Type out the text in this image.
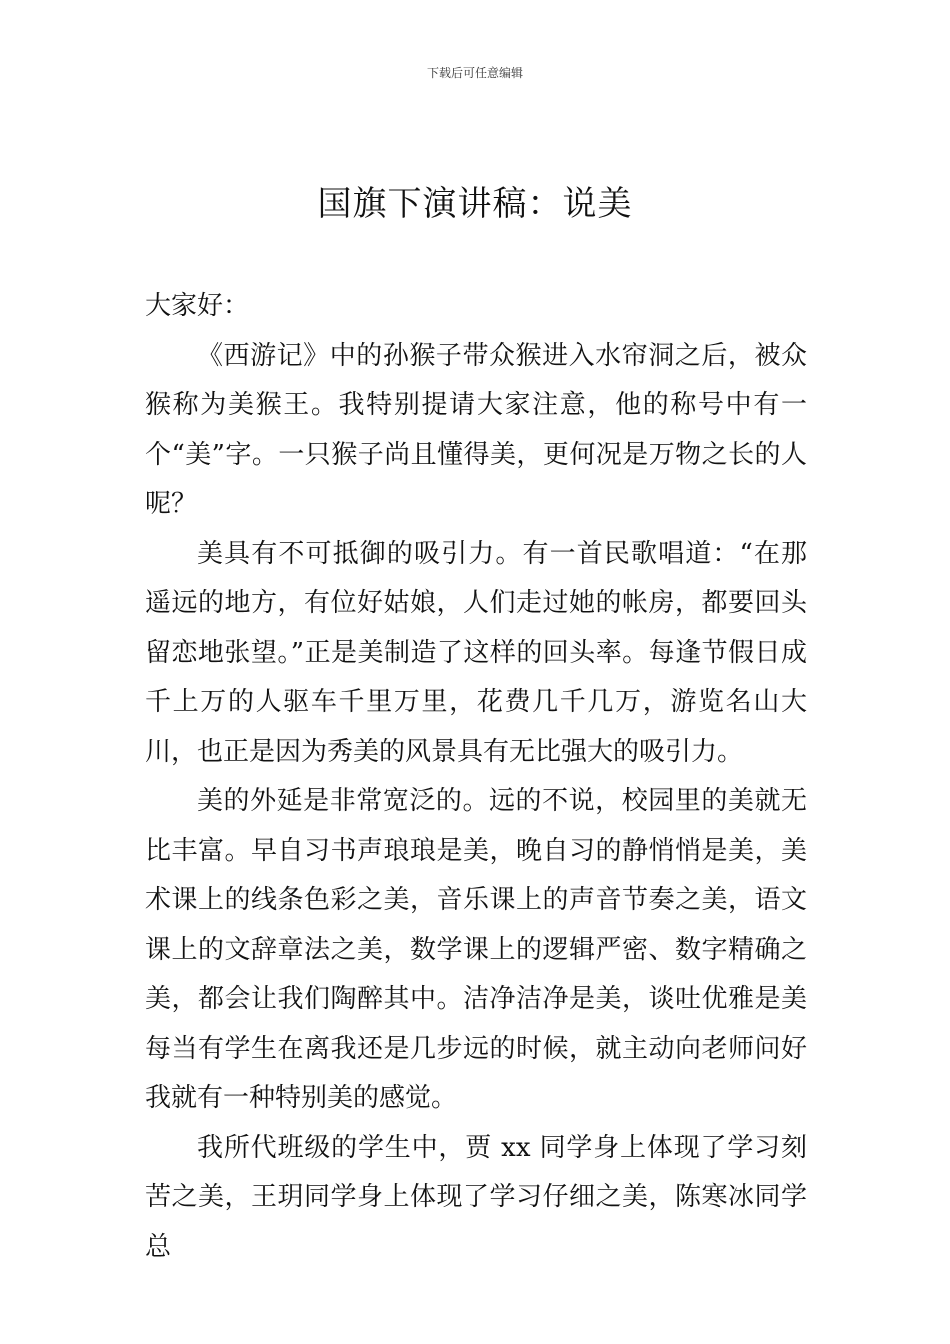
下载后可任意编辑
国旗下演讲稿：说美

大家好：

《西游记》中的孙猴子带众猴进入水帘洞之后，被众猴称为美猴王。我特别提请大家注意，他的称号中有一个“美”字。一只猴子尚且懂得美，更何况是万物之长的人呢？

美具有不可抵御的吸引力。有一首民歌唱道：“在那遥远的地方，有位好姑娘，人们走过她的帐房，都要回头留恋地张望。”正是美制造了这样的回头率。每逢节假日成千上万的人驱车千里万里，花费几千几万，游览名山大川，也正是因为秀美的风景具有无比强大的吸引力。

美的外延是非常宽泛的。远的不说，校园里的美就无比丰富。早自习书声琅琅是美，晚自习的静悄悄是美，美术课上的线条色彩之美，音乐课上的声音节奏之美，语文课上的文辞章法之美，数学课上的逻辑严密、数字精确之美，都会让我们陶醉其中。洁净洁净是美，谈吐优雅是美每当有学生在离我还是几步远的时候，就主动向老师问好我就有一种特别美的感觉。

我所代班级的学生中，贾 xx 同学身上体现了学习刻苦之美，王玥同学身上体现了学习仔细之美，陈寒冰同学总
